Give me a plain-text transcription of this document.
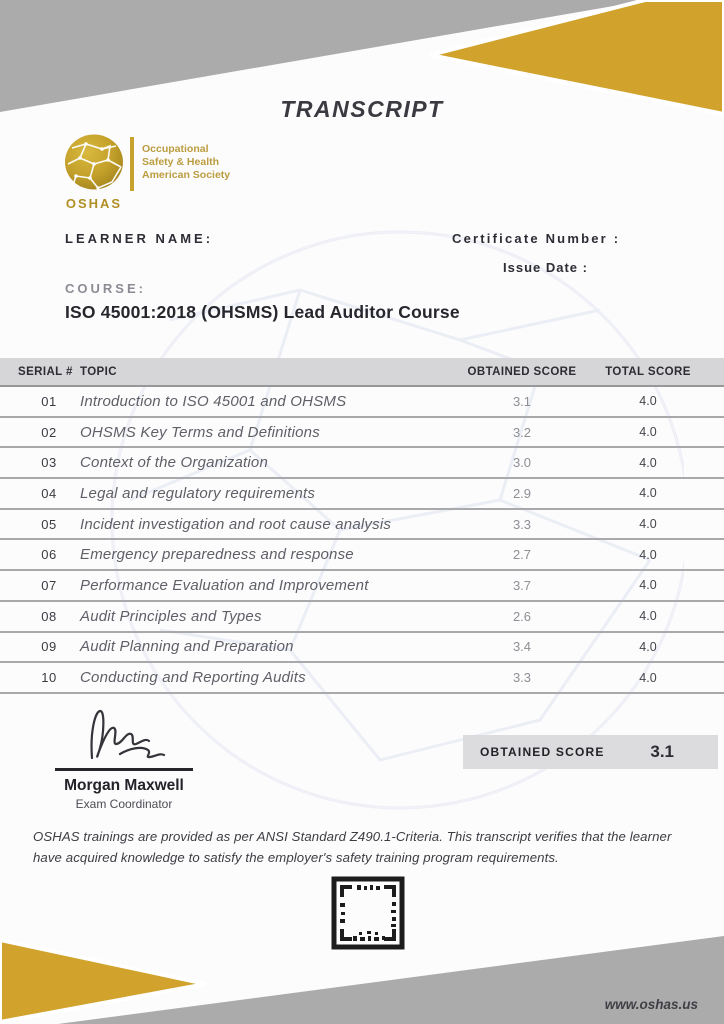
TRANSCRIPT
Occupational
Safety & Health
American Society
OSHAS
LEARNER NAME:	Certificate Number :
Issue Date :
COURSE:
ISO 45001:2018 (OHSMS) Lead Auditor Course
SERIAL # TOPIC	OBTAINED SCORE	TOTAL SCORE
01	Introduction to ISO 45001 and OHSMS	3.1	4.0
02	OHSMS Key Terms and Definitions	3.2	4.0
03	Context of the Organization	3.0	4.0
04	Legal and regulatory requirements	2.9	4.0
05	Incident investigation and root cause analysis	3.3	4.0
06	Emergency preparedness and response	2.7	4.0
07	Performance Evaluation and Improvement	3.7	4.0
08	Audit Principles and Types	2.6	4.0
09	Audit Planning and Preparation	3.4	4.0
10	Conducting and Reporting Audits	3.3	4.0
Morgan Maxwell
Exam Coordinator
OBTAINED SCORE	3.1
OSHAS trainings are provided as per ANSI Standard Z490.1-Criteria. This transcript verifies that the learner have acquired knowledge to satisfy the employer's safety training program requirements.
www.oshas.us
